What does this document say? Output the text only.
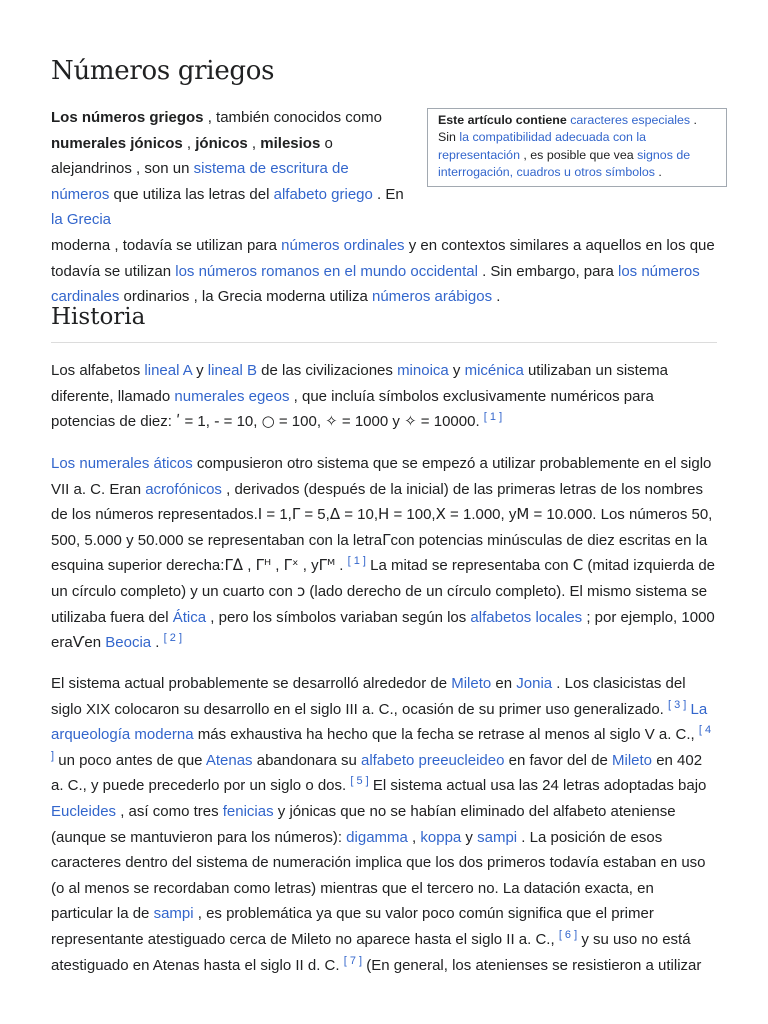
Números griegos
Este artículo contiene caracteres especiales . Sin la compatibilidad adecuada con la representación , es posible que vea signos de interrogación, cuadros u otros símbolos .

Los números griegos , también conocidos como
numerales jónicos , jónicos , milesios o alejandrinos , son un sistema de escritura de números que utiliza las letras del alfabeto griego . En la Grecia
moderna , todavía se utilizan para números ordinales y en contextos similares a aquellos en los que todavía se utilizan los números romanos en el mundo occidental . Sin embargo, para los números cardinales ordinarios , la Grecia moderna utiliza números arábigos .

Historia

Los alfabetos lineal A y lineal B de las civilizaciones minoica y micénica utilizaban un sistema diferente, llamado numerales egeos , que incluía símbolos exclusivamente numéricos para potencias de diez: ʹ = 1, - = 10, ○ = 100, ✧ = 1000 y ✧ = 10000. [ 1 ]

Los numerales áticos compusieron otro sistema que se empezó a utilizar probablemente en el siglo VII a. C. Eran acrofónicos , derivados (después de la inicial) de las primeras letras de los nombres de los números representados.Ι = 1,Γ = 5,Δ = 10,Η = 100,Χ = 1.000, yΜ = 10.000. Los números 50, 500, 5.000 y 50.000 se representaban con la letraΓcon potencias minúsculas de diez escritas en la esquina superior derecha:Γᐃ , Γᴴ , Γˣ , yΓᴹ . [ 1 ] La mitad se representaba con Ϲ (mitad izquierda de un círculo completo) y un cuarto con ɔ (lado derecho de un círculo completo). El mismo sistema se utilizaba fuera del Ática , pero los símbolos variaban según los alfabetos locales ; por ejemplo, 1000 eraѴen Beocia . [ 2 ]

El sistema actual probablemente se desarrolló alrededor de Mileto en Jonia . Los clasicistas del siglo XIX colocaron su desarrollo en el siglo III a. C., ocasión de su primer uso generalizado. [ 3 ] La arqueología moderna más exhaustiva ha hecho que la fecha se retrase al menos al siglo V a. C., [ 4 ] un poco antes de que Atenas abandonara su alfabeto preeucleideo en favor del de Mileto en 402 a. C., y puede precederlo por un siglo o dos. [ 5 ] El sistema actual usa las 24 letras adoptadas bajo Eucleides , así como tres fenicias y jónicas que no se habían eliminado del alfabeto ateniense (aunque se mantuvieron para los números): digamma , koppa y sampi . La posición de esos caracteres dentro del sistema de numeración implica que los dos primeros todavía estaban en uso (o al menos se recordaban como letras) mientras que el tercero no. La datación exacta, en particular la de sampi , es problemática ya que su valor poco común significa que el primer representante atestiguado cerca de Mileto no aparece hasta el siglo II a. C., [ 6 ] y su uso no está atestiguado en Atenas hasta el siglo II d. C. [ 7 ] (En general, los atenienses se resistieron a utilizar
